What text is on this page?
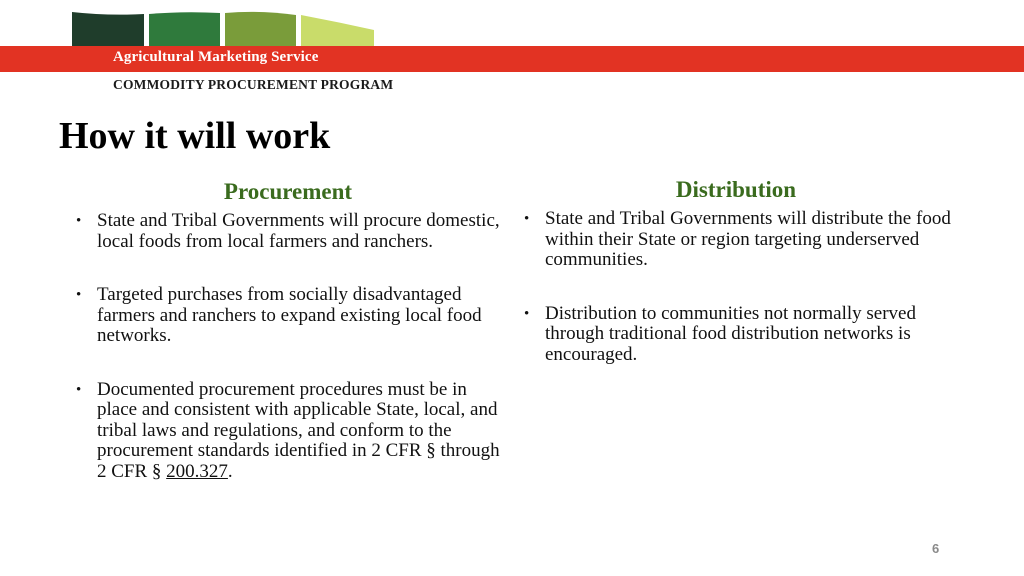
Agricultural Marketing Service
COMMODITY PROCUREMENT PROGRAM
How it will work
Procurement
• State and Tribal Governments will procure domestic, local foods from local farmers and ranchers.
• Targeted purchases from socially disadvantaged farmers and ranchers to expand existing local food networks.
• Documented procurement procedures must be in place and consistent with applicable State, local, and tribal laws and regulations, and conform to the procurement standards identified in 2 CFR § through 2 CFR § 200.327.
Distribution
• State and Tribal Governments will distribute the food within their State or region targeting underserved communities.
• Distribution to communities not normally served through traditional food distribution networks is encouraged.
6
